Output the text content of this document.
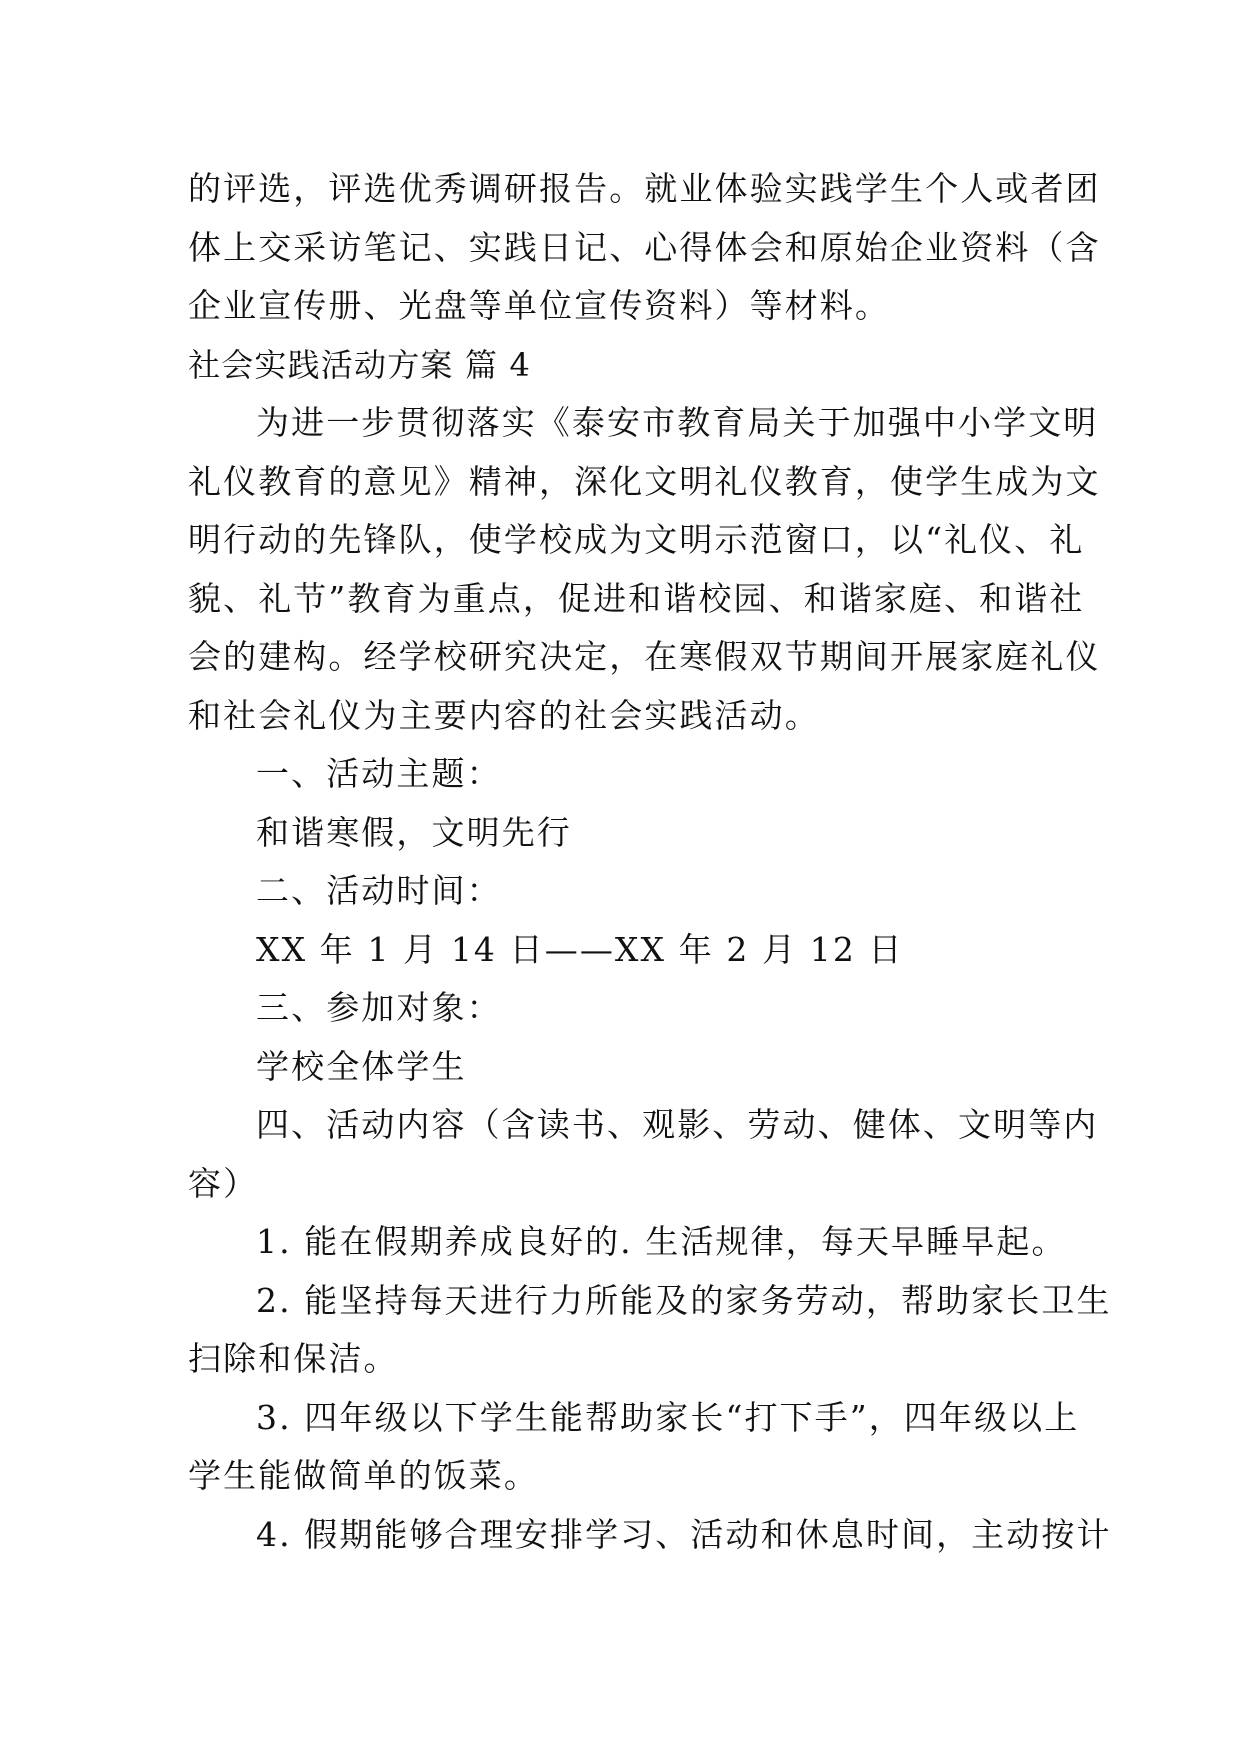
的评选，评选优秀调研报告。就业体验实践学生个人或者团
体上交采访笔记、实践日记、心得体会和原始企业资料（含
企业宣传册、光盘等单位宣传资料）等材料。
社会实践活动方案 篇 4
为进一步贯彻落实《泰安市教育局关于加强中小学文明
礼仪教育的意见》精神，深化文明礼仪教育，使学生成为文
明行动的先锋队，使学校成为文明示范窗口，以“礼仪、礼
貌、礼节”教育为重点，促进和谐校园、和谐家庭、和谐社
会的建构。经学校研究决定，在寒假双节期间开展家庭礼仪
和社会礼仪为主要内容的社会实践活动。
一、活动主题：
和谐寒假，文明先行
二、活动时间：
XX 年 1 月 14 日——XX 年 2 月 12 日
三、参加对象：
学校全体学生
四、活动内容（含读书、观影、劳动、健体、文明等内
容）
1. 能在假期养成良好的. 生活规律，每天早睡早起。
2. 能坚持每天进行力所能及的家务劳动，帮助家长卫生
扫除和保洁。
3. 四年级以下学生能帮助家长“打下手”，四年级以上
学生能做简单的饭菜。
4. 假期能够合理安排学习、活动和休息时间，主动按计
